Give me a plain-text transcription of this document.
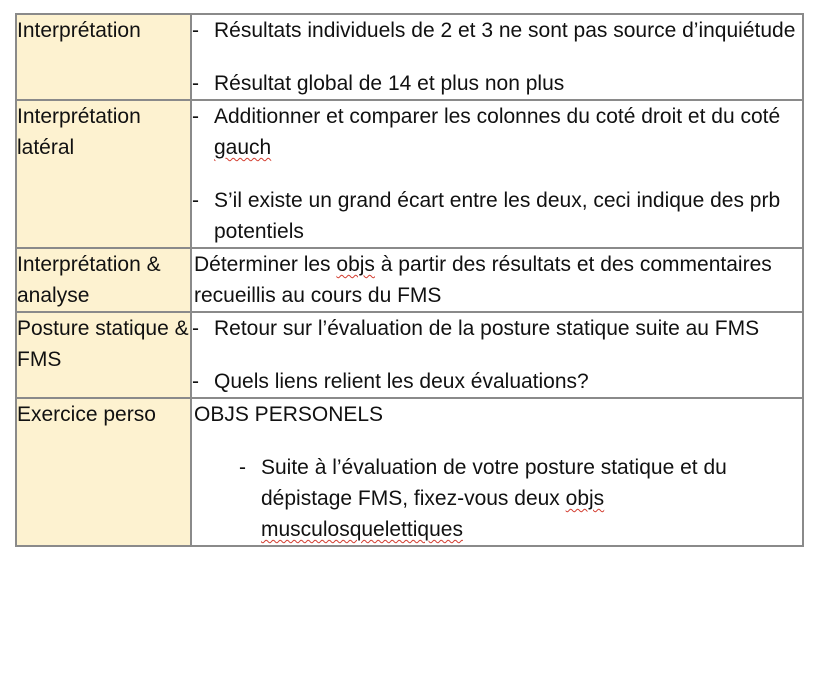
Interprétation	- Résultats individuels de 2 et 3 ne sont pas source d’inquiétude
- Résultat global de 14 et plus non plus

Interprétation latéral	- Additionner et comparer les colonnes du coté droit et du coté gauch
- S’il existe un grand écart entre les deux, ceci indique des prb potentiels

Interprétation & analyse	Déterminer les objs à partir des résultats et des commentaires recueillis au cours du FMS

Posture statique & FMS	- Retour sur l’évaluation de la posture statique suite au FMS
- Quels liens relient les deux évaluations?

Exercice perso	OBJS PERSONELS
- Suite à l’évaluation de votre posture statique et du dépistage FMS, fixez-vous deux objs musculosquelettiques
